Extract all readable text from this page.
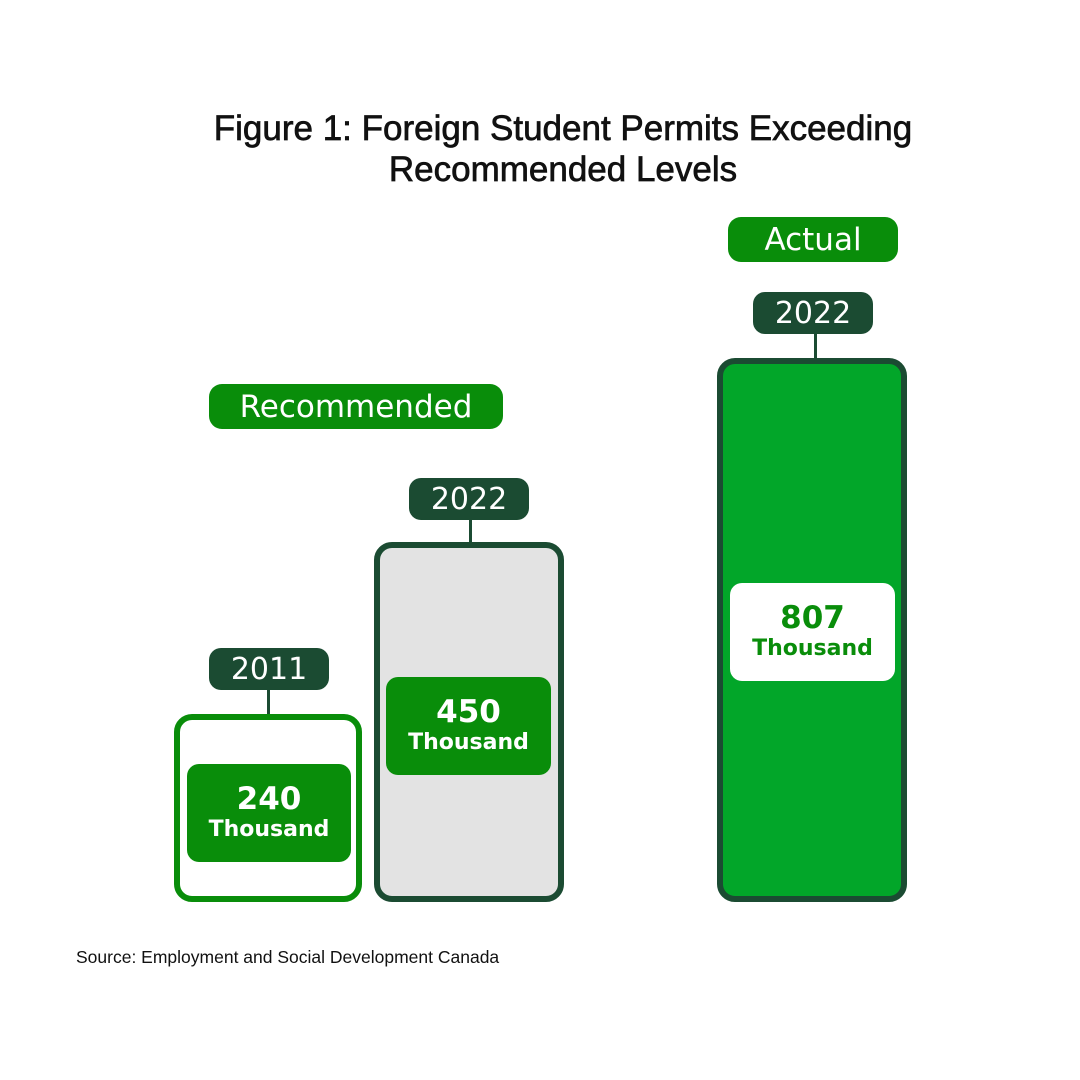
Figure 1: Foreign Student Permits Exceeding
Recommended Levels
Recommended
Actual
2011
240
Thousand
2022
450
Thousand
2022
807
Thousand
Source: Employment and Social Development Canada
